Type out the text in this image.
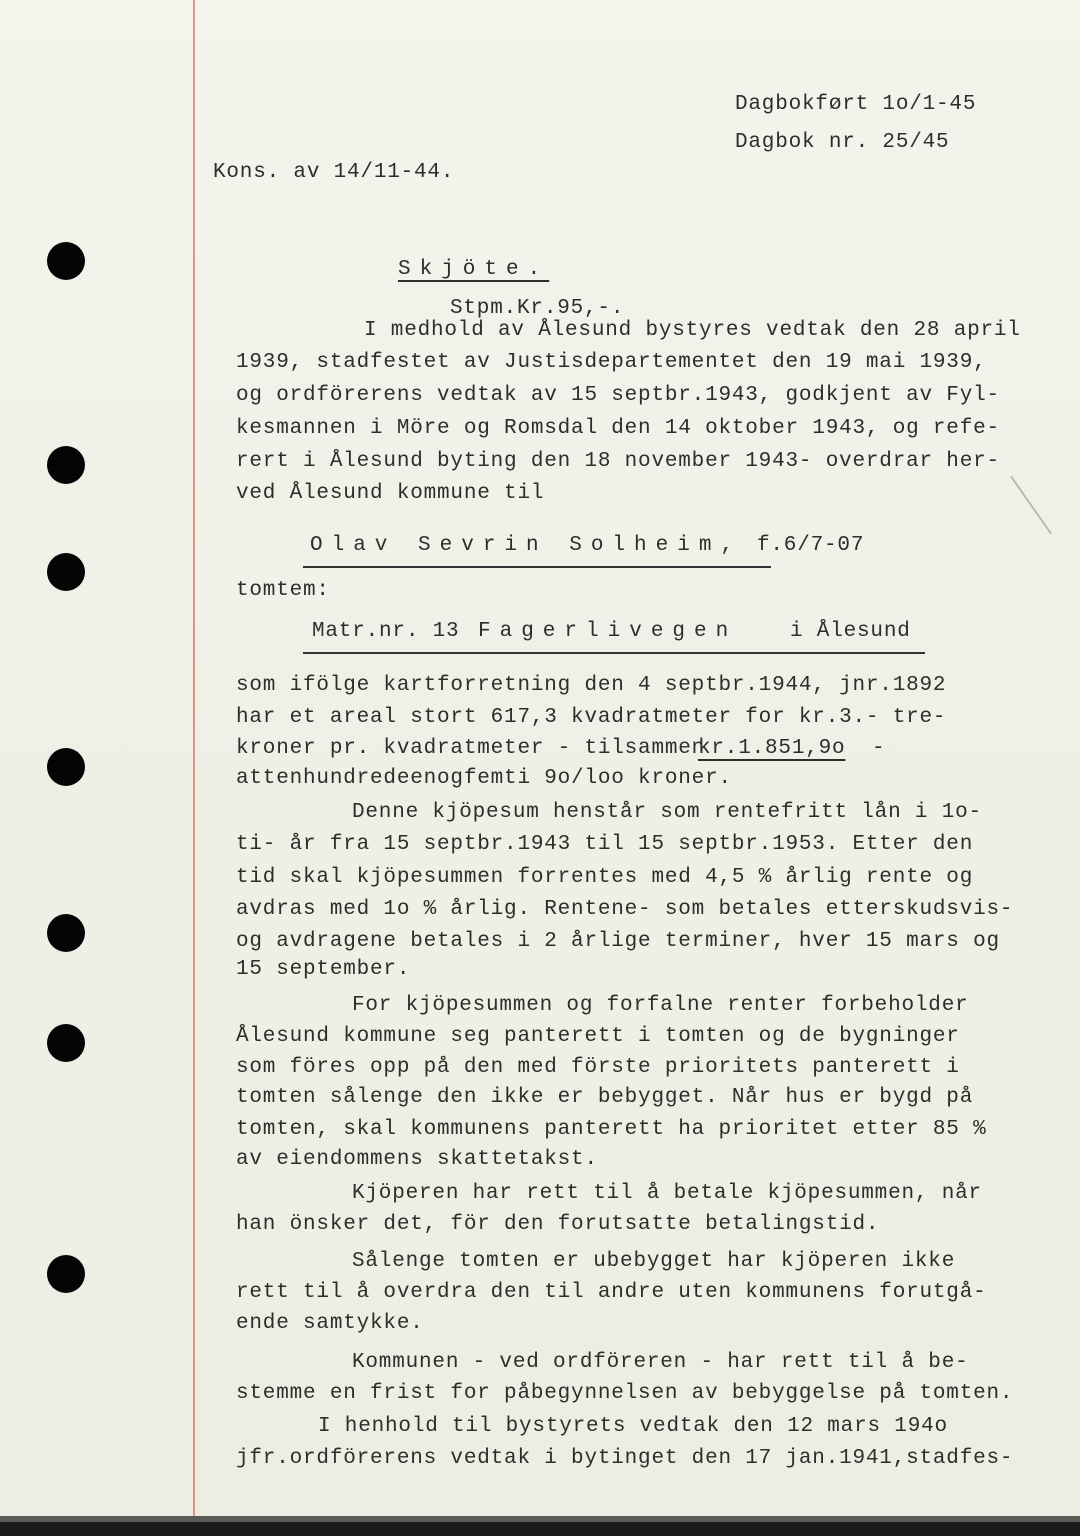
Dagbokført 1o/1-45
Dagbok nr. 25/45
Kons. av 14/11-44.
Skjöte.
Stpm.Kr.95,-.
I medhold av Ålesund bystyres vedtak den 28 april
1939, stadfestet av Justisdepartementet den 19 mai 1939,
og ordförerens vedtak av 15 septbr.1943, godkjent av Fyl-
kesmannen i Möre og Romsdal den 14 oktober 1943, og refe-
rert i Ålesund byting den 18 november 1943- overdrar her-
ved Ålesund kommune til
Olav Sevrin Solheim, f.6/7-07
tomtem:
Matr.nr. 13 Fagerlivegen	i Ålesund
som ifölge kartforretning den 4 septbr.1944, jnr.1892
har et areal stort 617,3 kvadratmeter for kr.3.- tre-
kroner pr. kvadratmeter - tilsammen
kr.1.851,9o -
attenhundredeenogfemti 9o/loo kroner.
Denne kjöpesum henstår som rentefritt lån i 1o-
ti- år fra 15 septbr.1943 til 15 septbr.1953. Etter den
tid skal kjöpesummen forrentes med 4,5 % årlig rente og
avdras med 1o % årlig. Rentene- som betales etterskudsvis-
og avdragene betales i 2 årlige terminer, hver 15 mars og
15 september.
For kjöpesummen og forfalne renter forbeholder
Ålesund kommune seg panterett i tomten og de bygninger
som föres opp på den med förste prioritets panterett i
tomten sålenge den ikke er bebygget. Når hus er bygd på
tomten, skal kommunens panterett ha prioritet etter 85 %
av eiendommens skattetakst.
Kjöperen har rett til å betale kjöpesummen, når
han önsker det, för den forutsatte betalingstid.
Sålenge tomten er ubebygget har kjöperen ikke
rett til å overdra den til andre uten kommunens forutgå-
ende samtykke.
Kommunen - ved ordföreren - har rett til å be-
stemme en frist for påbegynnelsen av bebyggelse på tomten.
I henhold til bystyrets vedtak den 12 mars 194o
jfr.ordförerens vedtak i bytinget den 17 jan.1941,stadfes-
